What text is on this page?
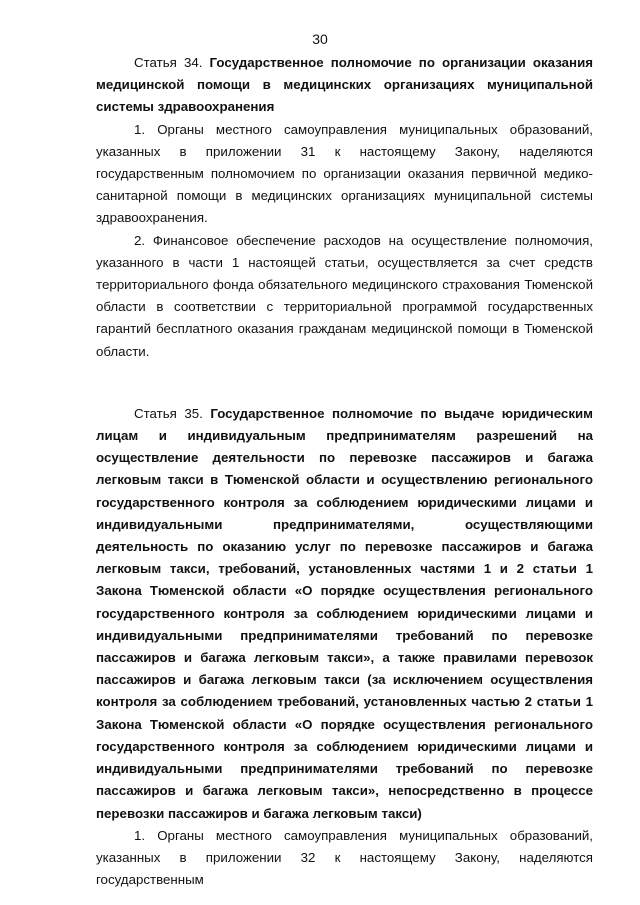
30

Статья 34. Государственное полномочие по организации оказания медицинской помощи в медицинских организациях муниципальной системы здравоохранения

1. Органы местного самоуправления муниципальных образований, указанных в приложении 31 к настоящему Закону, наделяются государственным полномочием по организации оказания первичной медико-санитарной помощи в медицинских организациях муниципальной системы здравоохранения.

2. Финансовое обеспечение расходов на осуществление полномочия, указанного в части 1 настоящей статьи, осуществляется за счет средств территориального фонда обязательного медицинского страхования Тюменской области в соответствии с территориальной программой государственных гарантий бесплатного оказания гражданам медицинской помощи в Тюменской области.

Статья 35. Государственное полномочие по выдаче юридическим лицам и индивидуальным предпринимателям разрешений на осуществление деятельности по перевозке пассажиров и багажа легковым такси в Тюменской области и осуществлению регионального государственного контроля за соблюдением юридическими лицами и индивидуальными предпринимателями, осуществляющими деятельность по оказанию услуг по перевозке пассажиров и багажа легковым такси, требований, установленных частями 1 и 2 статьи 1 Закона Тюменской области «О порядке осуществления регионального государственного контроля за соблюдением юридическими лицами и индивидуальными предпринимателями требований по перевозке пассажиров и багажа легковым такси», а также правилами перевозок пассажиров и багажа легковым такси (за исключением осуществления контроля за соблюдением требований, установленных частью 2 статьи 1 Закона Тюменской области «О порядке осуществления регионального государственного контроля за соблюдением юридическими лицами и индивидуальными предпринимателями требований по перевозке пассажиров и багажа легковым такси», непосредственно в процессе перевозки пассажиров и багажа легковым такси)

1. Органы местного самоуправления муниципальных образований, указанных в приложении 32 к настоящему Закону, наделяются государственным
